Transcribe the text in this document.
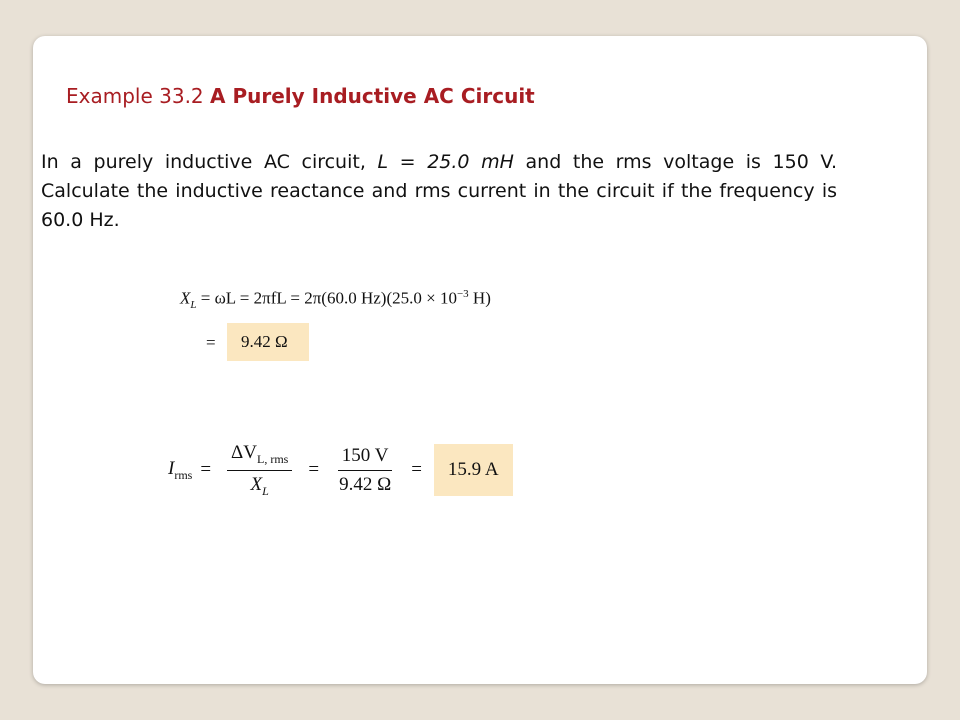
Example 33.2 A Purely Inductive AC Circuit
In a purely inductive AC circuit, L = 25.0 mH and the rms voltage is 150 V. Calculate the inductive reactance and rms current in the circuit if the frequency is 60.0 Hz.
$X_L = \omega L = 2\pi fL = 2\pi(60.0$ $Hz)(25.0 \times 10^{-3}$ H)
=	9.42 Ω
$I_{rms} = \frac{\Delta V_{L, rms}}{X_L} = \frac{150 V}{9.42 \Omega}$ =	15.9 A
